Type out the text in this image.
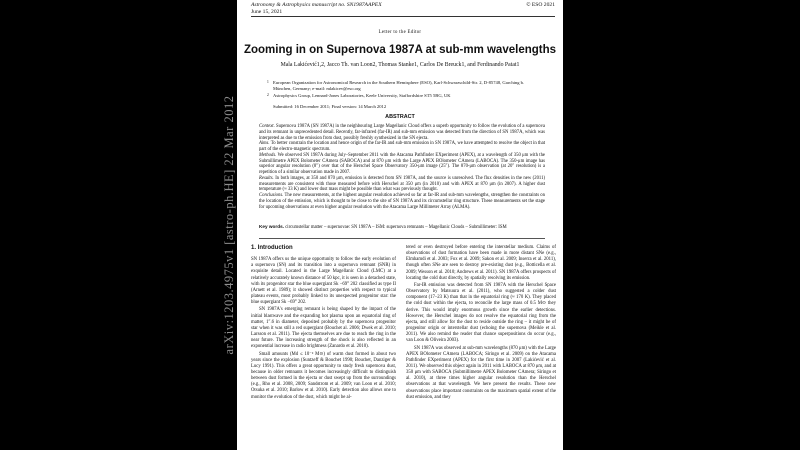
arXiv:1203.4975v1 [astro-ph.HE] 22 Mar 2012
Astronomy & Astrophysics manuscript no. SN1987AAPEX
June 15, 2021
© ESO 2021
Letter to the Editor
Zooming in on Supernova 1987A at sub-mm wavelengths
Mala Lakićević1,2, Jacco Th. van Loon2, Thomas Stanke1, Carlos De Breuck1, and Ferdinando Patat1
1 European Organization for Astronomical Research in the Southern Hemisphere (ESO), Karl-Schwarzschild-Str. 2, D-85748, Garching b. München, Germany; e-mail: mlakicev@eso.org
2 Astrophysics Group, Lennard-Jones Laboratories, Keele University, Staffordshire ST5 5BG, UK
Submitted: 16 December 2011; Final version: 14 March 2012
ABSTRACT
Context. Supernova 1987A (SN 1987A) in the neighbouring Large Magellanic Cloud offers a superb opportunity to follow the evolution of a supernova and its remnant in unprecedented detail. Recently, far-infrared (far-IR) and sub-mm emission was detected from the direction of SN 1987A, which was interpreted as due to the emission from dust, possibly freshly synthesized in the SN ejecta.
Aims. To better constrain the location and hence origin of the far-IR and sub-mm emission in SN 1987A, we have attempted to resolve the object in that part of the electro-magnetic spectrum.
Methods. We observed SN 1987A during July–September 2011 with the Atacama Pathfinder EXperiment (APEX), at a wavelength of 350 μm with the Submillimetre APEX Bolometer CAmera (SABOCA) and at 870 μm with the Large APEX BOlometer CAmera (LABOCA). The 350-μm image has superior angular resolution (8″) over that of the Herschel Space Observatory 350-μm image (25″). The 870-μm observation (at 20″ resolution) is a repetition of a similar observation made in 2007.
Results. In both images, at 350 and 870 μm, emission is detected from SN 1987A, and the source is unresolved. The flux densities in the new (2011) measurements are consistent with those measured before with Herschel at 350 μm (in 2010) and with APEX at 870 μm (in 2007). A higher dust temperature (≈ 33 K) and lower dust mass might be possible than what was previously thought.
Conclusions. The new measurements, at the highest angular resolution achieved so far at far-IR and sub-mm wavelengths, strengthen the constraints on the location of the emission, which is thought to be close to the site of SN 1987A and its circumstellar ring structure. These measurements set the stage for upcoming observations at even higher angular resolution with the Atacama Large Millimeter Array (ALMA).
Key words. circumstellar matter – supernovae: SN 1987A – ISM: supernova remnants – Magellanic Clouds – Submillimeter: ISM
1. Introduction

SN 1987A offers us the unique opportunity to follow the early evolution of a supernova (SN) and its transition into a supernova remnant (SNR) in exquisite detail. Located in the Large Magellanic Cloud (LMC) at a relatively accurately known distance of 50 kpc, it is seen in a detached state, with its progenitor star the blue supergiant Sk −69° 202 classified as type II (Arnett et al. 1989); it showed distinct properties with respect to typical plateau events, most probably linked to its unexpected progenitor star: the blue supergiant Sk −69° 202.

SN 1987A's emerging remnant is being shaped by the impact of the initial blastwave and the expanding hot plasma upon an equatorial ring of matter, 1″.6 in diameter, deposited probably by the supernova progenitor star when it was still a red supergiant (Bouchet al. 2006; Dwek et al. 2010; Larsson et al. 2011). The ejecta themselves are due to reach the ring in the near future. The increasing strength of the shock is also reflected in an exponential increase in radio brightness (Zanardo et al. 2010).

Small amounts (Md ≤ 10⁻³ M⊙) of warm dust formed in about two years since the explosion (Suntzeff & Bouchet 1990; Bouchet, Danziger & Lucy 1991). This offers a great opportunity to study fresh supernova dust, because in older remnants it becomes increasingly difficult to distinguish between dust formed in the ejecta or dust swept up from the surroundings (e.g., Rho et al. 2008, 2009; Sandstrom et al. 2009; van Loon et al. 2010; Otsuka et al. 2010; Barlow et al. 2010). Early detection also allows one to monitor the evolution of the dust, which might be al-

tered or even destroyed before entering the interstellar medium. Claims of observations of dust formation have been made in more distant SNe (e.g., Elmhamdi et al. 2003; Fox et al. 2009; Sakon et al. 2009; Inserra et al. 2011), though often SNe are seen to destroy pre-existing dust (e.g., Botticella et al. 2009; Wesson et al. 2010; Andrews et al. 2011). SN 1987A offers prospects of locating the cold dust directly, by spatially resolving its emission.

Far-IR emission was detected from SN 1987A with the Herschel Space Observatory by Matsuura et al. (2011), who suggested a colder dust component (17–23 K) than that in the equatorial ring (≈ 170 K). They placed the cold dust within the ejecta, to reconcile the large mass of 0.5 M⊙ they derive. This would imply enormous growth since the earlier detections. However, the Herschel images do not resolve the equatorial ring from the ejecta, and still allow for the dust to reside outside the ring – it might be of progenitor origin or interstellar dust (echoing the supernova (Meikle et al. 2011). We also remind the reader that chance superpositions do occur (e.g., van Loon & Oliveira 2003).

SN 1987A was observed at sub-mm wavelengths (870 μm) with the Large APEX BOlometer CAmera (LABOCA; Siringo et al. 2009) on the Atacama Pathfinder EXperiment (APEX) for the first time in 2007 (Lakićević et al. 2011). We observed this object again in 2011 with LABOCA at 870 μm, and at 350 μm with SABOCA (Submillimetre APEX Bolometer CAmera; Siringo et al. 2010), at three times higher angular resolution than the Herschel observations at that wavelength. We here present the results. These new observations place important constraints on the maximum spatial extent of the dust emission, and they
